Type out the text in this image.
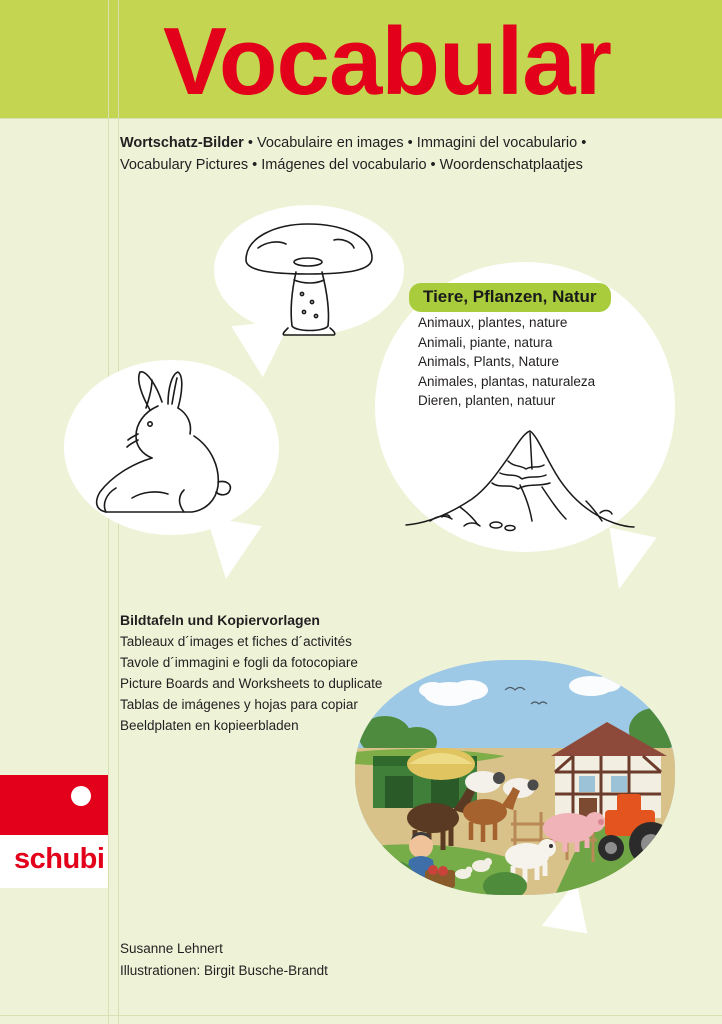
Vocabular
Wortschatz-Bilder • Vocabulaire en images • Immagini del vocabulario •
Vocabulary Pictures • Imágenes del vocabulario • Woordenschatplaatjes
Tiere, Pflanzen, Natur
Animaux, plantes, nature
Animali, piante, natura
Animals, Plants, Nature
Animales, plantas, naturaleza
Dieren, planten, natuur
Bildtafeln und Kopiervorlagen
Tableaux d´images et fiches d´activités
Tavole d´immagini e fogli da fotocopiare
Picture Boards and Worksheets to duplicate
Tablas de imágenes y hojas para copiar
Beeldplaten en kopieerbladen
schubi
Susanne Lehnert
Illustrationen: Birgit Busche-Brandt
